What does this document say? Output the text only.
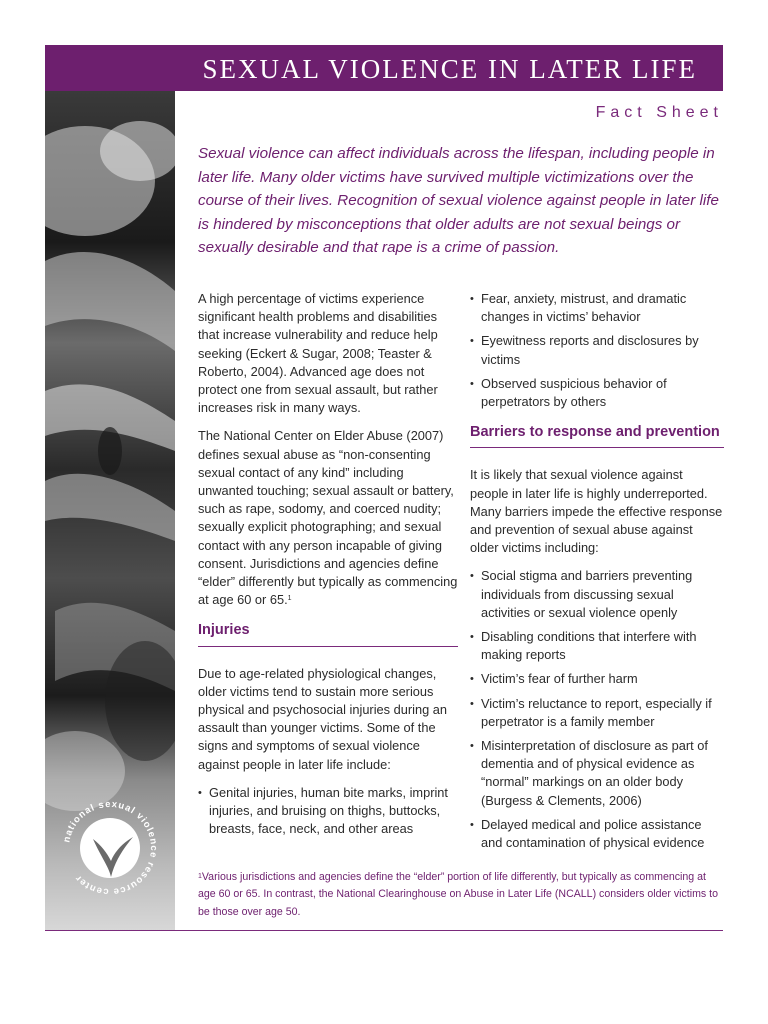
SEXUAL VIOLENCE IN LATER LIFE
national sexual violence resource center
Fact Sheet
Sexual violence can affect individuals across the lifespan, including people in later life. Many older victims have survived multiple victimizations over the course of their lives. Recognition of sexual violence against people in later life is hindered by misconceptions that older adults are not sexual beings or sexually desirable and that rape is a crime of passion.

A high percentage of victims experience significant health problems and disabilities that increase vulnerability and reduce help seeking (Eckert & Sugar, 2008; Teaster & Roberto, 2004). Advanced age does not protect one from sexual assault, but rather increases risk in many ways.

The National Center on Elder Abuse (2007) defines sexual abuse as “non-consenting sexual contact of any kind” including unwanted touching; sexual assault or battery, such as rape, sodomy, and coerced nudity; sexually explicit photographing; and sexual contact with any person incapable of giving consent. Jurisdictions and agencies define “elder” differently but typically as commencing at age 60 or 65.$^1$

Injuries

Due to age-related physiological changes, older victims tend to sustain more serious physical and psychosocial injuries during an assault than younger victims. Some of the signs and symptoms of sexual violence against people in later life include:

• Genital injuries, human bite marks, imprint injuries, and bruising on thighs, buttocks, breasts, face, neck, and other areas
• Fear, anxiety, mistrust, and dramatic changes in victims’ behavior
• Eyewitness reports and disclosures by victims
• Observed suspicious behavior of perpetrators by others
Barriers to response and prevention

It is likely that sexual violence against people in later life is highly underreported. Many barriers impede the effective response and prevention of sexual abuse against older victims including:

• Social stigma and barriers preventing individuals from discussing sexual activities or sexual violence openly
• Disabling conditions that interfere with making reports
• Victim’s fear of further harm
• Victim’s reluctance to report, especially if perpetrator is a family member
• Misinterpretation of disclosure as part of dementia and of physical evidence as “normal” markings on an older body (Burgess & Clements, 2006)
• Delayed medical and police assistance and contamination of physical evidence
$^1$Various jurisdictions and agencies define the “elder” portion of life differently, but typically as commencing at age 60 or 65. In contrast, the National Clearinghouse on Abuse in Later Life (NCALL) considers older victims to be those over age 50.
